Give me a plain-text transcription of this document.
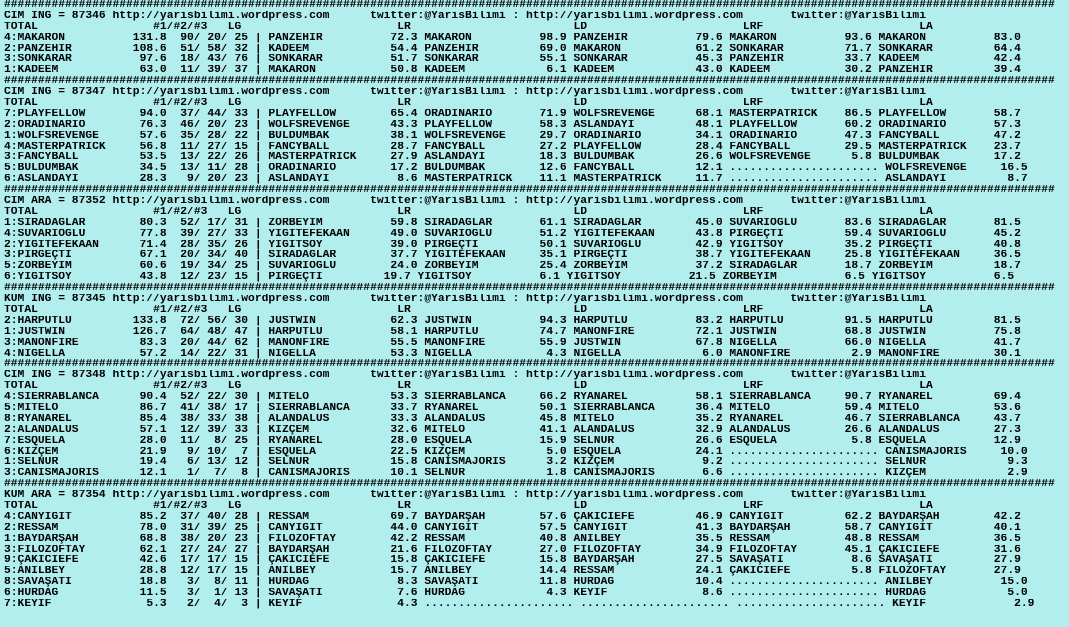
###########################################################################################################################################################
CIM ING = 87346 http://yarisbilimi.wordpress.com      twitter:@YarisBilimi : http://yarisbilimi.wordpress.com       twitter:@YarisBilimi
TOTAL                 #1/#2/#3   LG                       LR                        LD                       LRF                       LA
4:MAKARON          131.8  90/ 20/ 25 | PANZEHİR          72.3 MAKARON          98.9 PANZEHİR          79.6 MAKARON          93.6 MAKARON          83.0
2:PANZEHİR         108.6  51/ 58/ 32 | KADEEM            54.4 PANZEHİR         69.0 MAKARON           61.2 SONKARAR         71.7 SONKARAR         64.4
3:SONKARAR          97.6  18/ 43/ 76 | SONKARAR          51.7 SONKARAR         55.1 SONKARAR          45.3 PANZEHİR         33.7 KADEEM           42.4
1:KADEEM            63.0  11/ 39/ 37 | MAKARON           50.8 KADEEM            6.1 KADEEM            43.0 KADEEM           30.2 PANZEHİR         39.4
###########################################################################################################################################################
CIM ING = 87347 http://yarisbilimi.wordpress.com      twitter:@YarisBilimi : http://yarisbilimi.wordpress.com       twitter:@YarisBilimi
TOTAL                 #1/#2/#3   LG                       LR                        LD                       LRF                       LA
7:PLAYFELLOW        94.0  37/ 44/ 33 | PLAYFELLOW        65.4 ORADINARIO       71.9 WOLFSREVENGE      68.1 MASTERPATRICK    86.5 PLAYFELLOW       58.7
2:ORADINARIO        76.3  46/ 20/ 23 | WOLFSREVENGE      43.3 PLAYFELLOW       58.3 ASLANDAYI         48.1 PLAYFELLOW       60.2 ORADINARIO       57.3
1:WOLFSREVENGE      57.6  35/ 28/ 22 | BULDUMBAK         38.1 WOLFSREVENGE     29.7 ORADINARIO        34.1 ORADINARIO       47.3 FANCYBALL        47.2
4:MASTERPATRICK     56.8  11/ 27/ 15 | FANCYBALL         28.7 FANCYBALL        27.2 PLAYFELLOW        28.4 FANCYBALL        29.5 MASTERPATRICK    23.7
3:FANCYBALL         53.5  13/ 22/ 26 | MASTERPATRICK     27.9 ASLANDAYI        18.3 BULDUMBAK         26.6 WOLFSREVENGE      5.8 BULDUMBAK        17.2
5:BULDUMBAK         34.5  13/ 11/ 28 | ORADINARIO        17.2 BULDUMBAK        12.6 FANCYBALL         12.1 ...................... WOLFSREVENGE     16.5
6:ASLANDAYI         28.3   9/ 20/ 23 | ASLANDAYI          8.6 MASTERPATRICK    11.1 MASTERPATRICK     11.7 ...................... ASLANDAYI         8.7
###########################################################################################################################################################
CIM ARA = 87352 http://yarisbilimi.wordpress.com      twitter:@YarisBilimi : http://yarisbilimi.wordpress.com       twitter:@YarisBilimi
TOTAL                 #1/#2/#3   LG                       LR                        LD                       LRF                       LA
1:SIRADAĞLAR        80.3  52/ 17/ 31 | ZORBEYİM          59.8 SIRADAĞLAR       61.1 SIRADAĞLAR        45.0 SÜVARİOĞLU       83.6 SIRADAĞLAR       81.5
4:SÜVARİOĞLU        77.8  39/ 27/ 33 | YİĞİTEFEKAAN      49.0 SÜVARİOĞLU       51.2 YİĞİTEFEKAAN      43.8 PİRGEÇTİ         59.4 SÜVARİOĞLU       45.2
2:YİĞİTEFEKAAN      71.4  28/ 35/ 26 | YİĞİTSOY          39.0 PİRGEÇTİ         50.1 SÜVARİOĞLU        42.9 YİĞİTSOY         35.2 PİRGEÇTİ         40.8
3:PİRGEÇTİ          67.1  20/ 34/ 40 | SIRADAĞLAR        37.7 YİĞİTEFEKAAN     35.1 PİRGEÇTİ          38.7 YİĞİTEFEKAAN     25.8 YİĞİTEFEKAAN     36.5
5:ZORBEYİM          60.6  19/ 34/ 25 | SÜVARİOĞLU        24.0 ZORBEYİM         25.4 ZORBEYİM          37.2 SIRADAĞLAR       18.7 ZORBEYİM         18.7
6:YİĞİTSOY          43.8  12/ 23/ 15 | PİRGEÇTİ         19.7 YİĞİTSOY          6.1 YİĞİTSOY          21.5 ZORBEYİM          6.5 YİĞİTSOY          6.5
###########################################################################################################################################################
KUM ING = 87345 http://yarisbilimi.wordpress.com      twitter:@YarisBilimi : http://yarisbilimi.wordpress.com       twitter:@YarisBilimi
TOTAL                 #1/#2/#3   LG                       LR                        LD                       LRF                       LA
2:HARPUTLU         133.8  72/ 56/ 30 | JUSTWIN           62.3 JUSTWIN          94.3 HARPUTLU          83.2 HARPUTLU         91.5 HARPUTLU         81.5
1:JUSTWIN          126.7  64/ 48/ 47 | HARPUTLU          58.1 HARPUTLU         74.7 MANONFIRE         72.1 JUSTWIN          68.8 JUSTWIN          75.8
3:MANONFIRE         83.3  20/ 44/ 62 | MANONFIRE         55.5 MANONFIRE        55.9 JUSTWIN           67.8 NIGELLA          66.0 NIGELLA          41.7
4:NIGELLA           57.2  14/ 22/ 31 | NIGELLA           53.3 NIGELLA           4.3 NIGELLA            6.0 MANONFIRE         2.9 MANONFIRE        30.1
###########################################################################################################################################################
CIM ING = 87348 http://yarisbilimi.wordpress.com      twitter:@YarisBilimi : http://yarisbilimi.wordpress.com       twitter:@YarisBilimi
TOTAL                 #1/#2/#3   LG                       LR                        LD                       LRF                       LA
4:SIERRABLANCA      90.4  52/ 22/ 30 | MITELO            53.3 SIERRABLANCA     66.2 RYANAREL          58.1 SIERRABLANCA     90.7 RYANAREL         69.4
5:MITELO            86.7  41/ 38/ 17 | SIERRABLANCA      33.7 RYANAREL         50.1 SIERRABLANCA      36.4 MITELO           59.4 MITELO           53.6
8:RYANAREL          85.4  38/ 33/ 38 | ALANDALUS         33.3 ALANDALUS        45.8 MITELO            35.2 RYANAREL         46.7 SIERRABLANCA     43.7
2:ALANDALUS         57.1  12/ 39/ 33 | KIZÇEM            32.6 MITELO           41.1 ALANDALUS         32.9 ALANDALUS        26.6 ALANDALUS        27.3
7:ESQUELA           28.0  11/  8/ 25 | RYANAREL          28.0 ESQUELA          15.9 SELNUR            26.6 ESQUELA           5.8 ESQUELA          12.9
6:KIZÇEM            21.9   9/ 10/  7 | ESQUELA           22.5 KIZÇEM            5.0 ESQUELA           24.1 ...................... CANISMAJORIS     10.0
1:SELNUR            19.4   6/ 13/ 12 | SELNUR            15.8 CANISMAJORIS      3.2 KIZÇEM             9.2 ...................... SELNUR            9.3
3:CANISMAJORIS      12.1   1/  7/  8 | CANISMAJORIS      10.1 SELNUR            1.8 CANISMAJORIS       6.6 ...................... KIZÇEM            2.9
###########################################################################################################################################################
KUM ARA = 87354 http://yarisbilimi.wordpress.com      twitter:@YarisBilimi : http://yarisbilimi.wordpress.com       twitter:@YarisBilimi
TOTAL                 #1/#2/#3   LG                       LR                        LD                       LRF                       LA
4:CANYİĞİT          85.2  37/ 40/ 28 | RESSAM            69.7 BAYDARŞAH        57.6 ÇAKICIEFE         46.9 CANYİĞİT         62.2 BAYDARŞAH        42.2
2:RESSAM            78.0  31/ 39/ 25 | CANYİĞİT          44.0 CANYİĞİT         57.5 CANYİĞİT          41.3 BAYDARŞAH        58.7 CANYİĞİT         40.1
1:BAYDARŞAH         68.8  38/ 20/ 23 | FİLOZOFTAY        42.2 RESSAM           40.8 ANILBEY           35.5 RESSAM           48.8 RESSAM           36.5
3:FİLOZOFTAY        62.1  27/ 24/ 27 | BAYDARŞAH         21.6 FİLOZOFTAY       27.0 FİLOZOFTAY        34.9 FİLOZOFTAY       45.1 ÇAKICIEFE        31.6
9:ÇAKICIEFE         42.6  17/ 17/ 15 | ÇAKICIEFE         15.8 ÇAKICIEFE        15.8 BAYDARŞAH         27.5 SAVAŞATI          8.6 SAVAŞATI         27.9
5:ANILBEY           28.8  12/ 17/ 15 | ANILBEY           15.7 ANILBEY          14.4 RESSAM            24.1 ÇAKICIEFE         5.8 FİLOZOFTAY       27.9
8:SAVAŞATI          18.8   3/  8/ 11 | HÜRDAĞ             8.3 SAVAŞATI         11.8 HÜRDAĞ            10.4 ...................... ANILBEY          15.0
6:HÜRDAĞ            11.5   3/  1/ 13 | SAVAŞATI           7.6 HÜRDAĞ            4.3 KEYİF              8.6 ...................... HÜRDAĞ            5.0
7:KEYİF              5.3   2/  4/  3 | KEYİF              4.3 ...................... ...................... ...................... KEYİF             2.9
